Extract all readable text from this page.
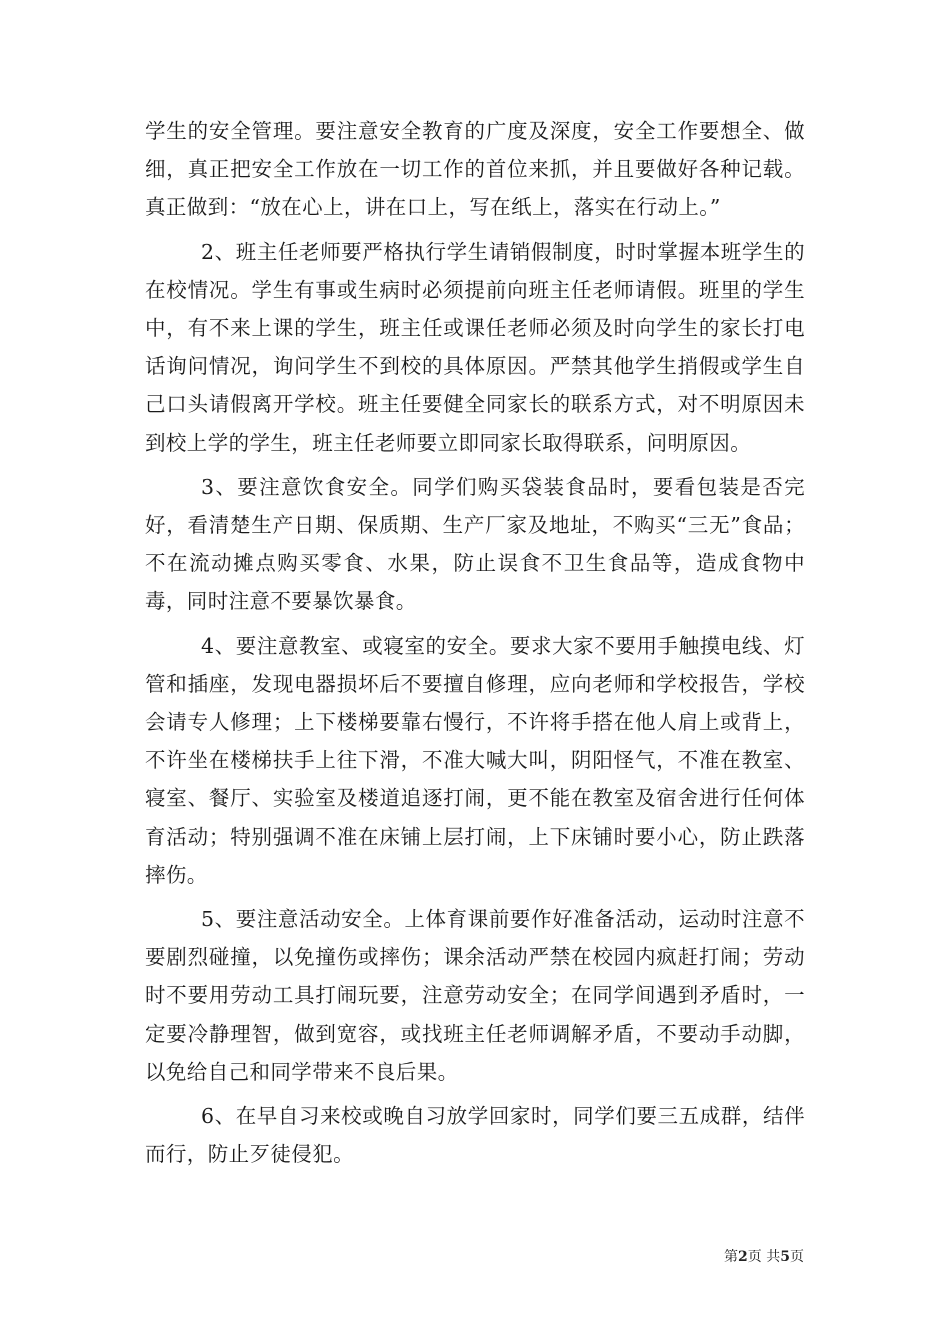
学生的安全管理。要注意安全教育的广度及深度，安全工作要想全、做细，真正把安全工作放在一切工作的首位来抓，并且要做好各种记载。真正做到：“放在心上，讲在口上，写在纸上，落实在行动上。”

2、班主任老师要严格执行学生请销假制度，时时掌握本班学生的在校情况。学生有事或生病时必须提前向班主任老师请假。班里的学生中，有不来上课的学生，班主任或课任老师必须及时向学生的家长打电话询问情况，询问学生不到校的具体原因。严禁其他学生捎假或学生自己口头请假离开学校。班主任要健全同家长的联系方式，对不明原因未到校上学的学生，班主任老师要立即同家长取得联系，问明原因。

3、要注意饮食安全。同学们购买袋装食品时，要看包装是否完好，看清楚生产日期、保质期、生产厂家及地址，不购买“三无”食品；不在流动摊点购买零食、水果，防止误食不卫生食品等，造成食物中毒，同时注意不要暴饮暴食。

4、要注意教室、或寝室的安全。要求大家不要用手触摸电线、灯管和插座，发现电器损坏后不要擅自修理，应向老师和学校报告，学校会请专人修理；上下楼梯要靠右慢行，不许将手搭在他人肩上或背上，不许坐在楼梯扶手上往下滑，不准大喊大叫，阴阳怪气，不准在教室、寝室、餐厅、实验室及楼道追逐打闹，更不能在教室及宿舍进行任何体育活动；特别强调不准在床铺上层打闹，上下床铺时要小心，防止跌落摔伤。

5、要注意活动安全。上体育课前要作好准备活动，运动时注意不要剧烈碰撞，以免撞伤或摔伤；课余活动严禁在校园内疯赶打闹；劳动时不要用劳动工具打闹玩要，注意劳动安全；在同学间遇到矛盾时，一定要冷静理智，做到宽容，或找班主任老师调解矛盾，不要动手动脚，以免给自己和同学带来不良后果。

6、在早自习来校或晚自习放学回家时，同学们要三五成群，结伴而行，防止歹徒侵犯。

第2页 共5页
